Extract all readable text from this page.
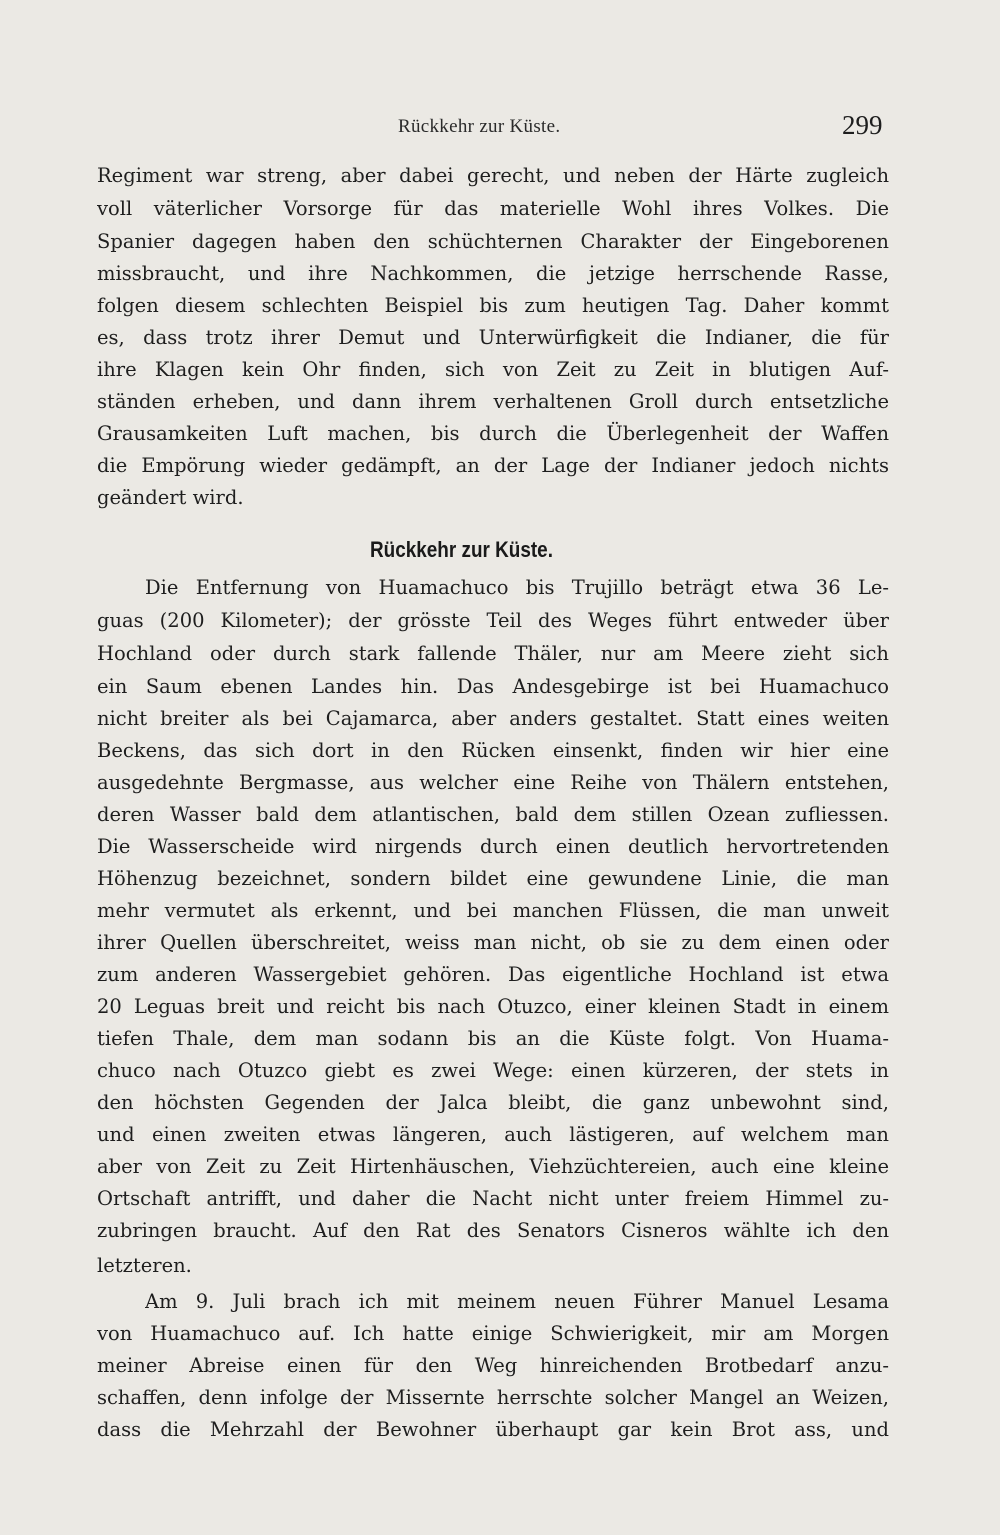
Rückkehr zur Küste.	299
Regiment war streng, aber dabei gerecht, und neben der Härte zugleich
voll väterlicher Vorsorge für das materielle Wohl ihres Volkes. Die
Spanier dagegen haben den schüchternen Charakter der Eingeborenen
missbraucht, und ihre Nachkommen, die jetzige herrschende Rasse,
folgen diesem schlechten Beispiel bis zum heutigen Tag. Daher kommt
es, dass trotz ihrer Demut und Unterwürfigkeit die Indianer, die für
ihre Klagen kein Ohr finden, sich von Zeit zu Zeit in blutigen Auf-
ständen erheben, und dann ihrem verhaltenen Groll durch entsetzliche
Grausamkeiten Luft machen, bis durch die Überlegenheit der Waffen
die Empörung wieder gedämpft, an der Lage der Indianer jedoch nichts
geändert wird.
Rückkehr zur Küste.
Die Entfernung von Huamachuco bis Trujillo beträgt etwa 36 Le-
guas (200 Kilometer); der grösste Teil des Weges führt entweder über
Hochland oder durch stark fallende Thäler, nur am Meere zieht sich
ein Saum ebenen Landes hin. Das Andesgebirge ist bei Huamachuco
nicht breiter als bei Cajamarca, aber anders gestaltet. Statt eines weiten
Beckens, das sich dort in den Rücken einsenkt, finden wir hier eine
ausgedehnte Bergmasse, aus welcher eine Reihe von Thälern entstehen,
deren Wasser bald dem atlantischen, bald dem stillen Ozean zufliessen.
Die Wasserscheide wird nirgends durch einen deutlich hervortretenden
Höhenzug bezeichnet, sondern bildet eine gewundene Linie, die man
mehr vermutet als erkennt, und bei manchen Flüssen, die man unweit
ihrer Quellen überschreitet, weiss man nicht, ob sie zu dem einen oder
zum anderen Wassergebiet gehören. Das eigentliche Hochland ist etwa
20 Leguas breit und reicht bis nach Otuzco, einer kleinen Stadt in einem
tiefen Thale, dem man sodann bis an die Küste folgt. Von Huama-
chuco nach Otuzco giebt es zwei Wege: einen kürzeren, der stets in
den höchsten Gegenden der Jalca bleibt, die ganz unbewohnt sind,
und einen zweiten etwas längeren, auch lästigeren, auf welchem man
aber von Zeit zu Zeit Hirtenhäuschen, Viehzüchtereien, auch eine kleine
Ortschaft antrifft, und daher die Nacht nicht unter freiem Himmel zu-
zubringen braucht. Auf den Rat des Senators Cisneros wählte ich den
letzteren.
Am 9. Juli brach ich mit meinem neuen Führer Manuel Lesama
von Huamachuco auf. Ich hatte einige Schwierigkeit, mir am Morgen
meiner Abreise einen für den Weg hinreichenden Brotbedarf anzu-
schaffen, denn infolge der Missernte herrschte solcher Mangel an Weizen,
dass die Mehrzahl der Bewohner überhaupt gar kein Brot ass, und
